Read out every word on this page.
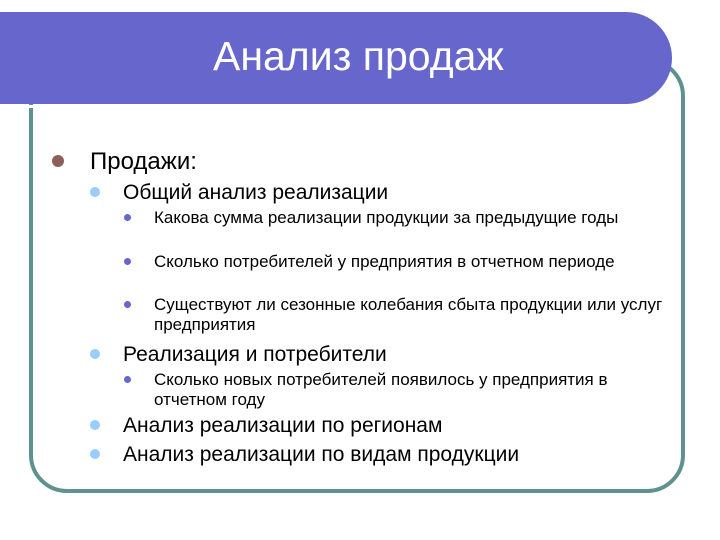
Анализ продаж
Продажи:
Общий анализ реализации
Какова сумма реализации продукции за предыдущие годы
Сколько потребителей у предприятия в отчетном периоде
Существуют ли сезонные колебания сбыта продукции или услуг предприятия
Реализация и потребители
Сколько новых потребителей появилось у предприятия в отчетном году
Анализ реализации по регионам
Анализ реализации по видам продукции
